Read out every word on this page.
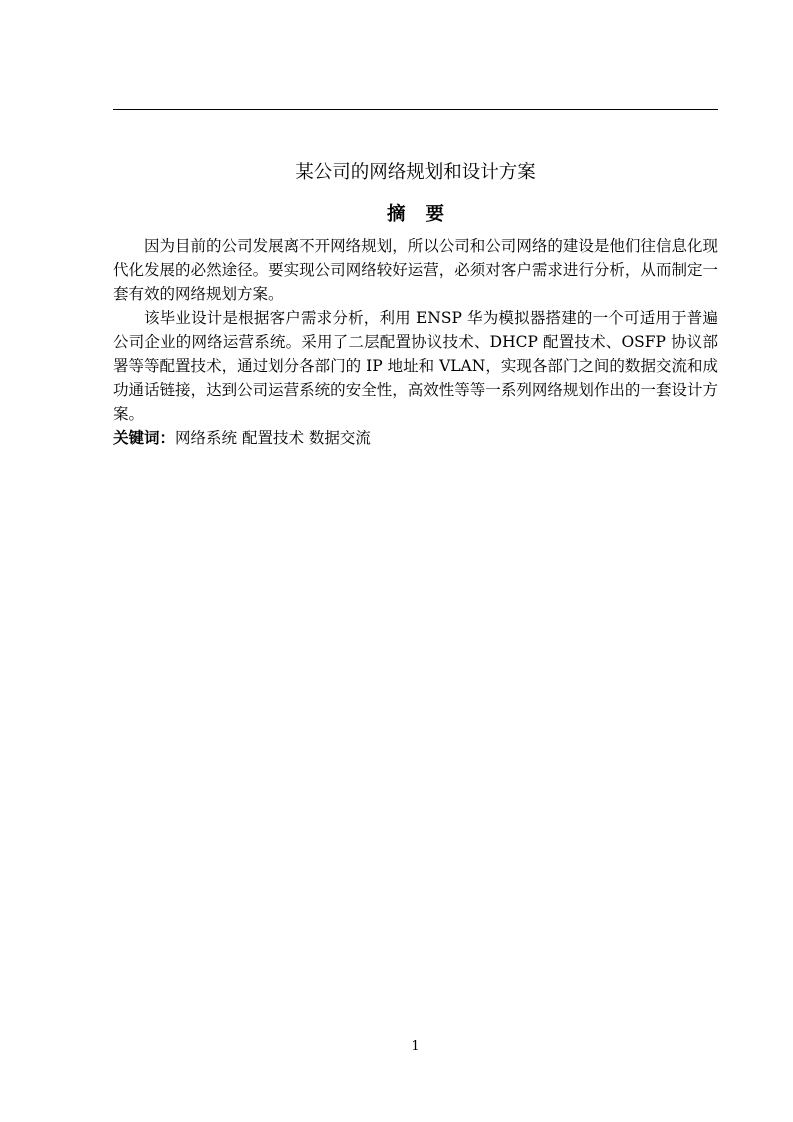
某公司的网络规划和设计方案
摘 要

因为目前的公司发展离不开网络规划，所以公司和公司网络的建设是他们往信息化现代化发展的必然途径。要实现公司网络较好运营，必须对客户需求进行分析，从而制定一套有效的网络规划方案。

该毕业设计是根据客户需求分析，利用 ENSP 华为模拟器搭建的一个可适用于普遍公司企业的网络运营系统。采用了二层配置协议技术、DHCP 配置技术、OSFP 协议部署等等配置技术，通过划分各部门的 IP 地址和 VLAN，实现各部门之间的数据交流和成功通话链接，达到公司运营系统的安全性，高效性等等一系列网络规划作出的一套设计方案。

关键词：网络系统 配置技术 数据交流

1
